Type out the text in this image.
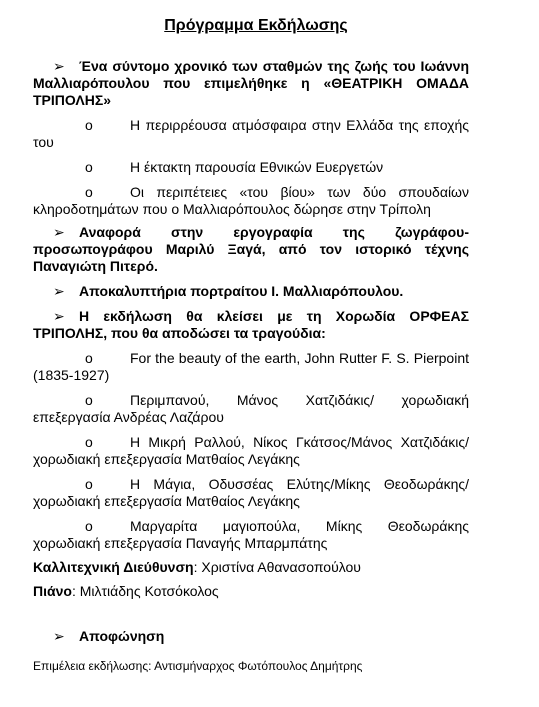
Πρόγραμμα Εκδήλωσης

➢ Ένα σύντομο χρονικό των σταθμών της ζωής του Ιωάννη Μαλλιαρόπουλου που επιμελήθηκε η «ΘΕΑΤΡΙΚΗ ΟΜΑΔΑ ΤΡΙΠΟΛΗΣ»

o	Η περιρρέουσα ατμόσφαιρα στην Ελλάδα της εποχής του

o	Η έκτακτη παρουσία Εθνικών Ευεργετών

o	Οι περιπέτειες «του βίου» των δύο σπουδαίων κληροδοτημάτων που ο Μαλλιαρόπουλος δώρησε στην Τρίπολη

➢ Αναφορά στην εργογραφία της ζωγράφου-προσωπογράφου Μαριλύ Ξαγά, από τον ιστορικό τέχνης Παναγιώτη Πιτερό.

➢ Αποκαλυπτήρια πορτραίτου Ι. Μαλλιαρόπουλου.

➢ Η εκδήλωση θα κλείσει με τη Χορωδία ΟΡΦΕΑΣ ΤΡΙΠΟΛΗΣ, που θα αποδώσει τα τραγούδια:

o	For the beauty of the earth, John Rutter F. S. Pierpoint (1835-1927)

o	Περιμπανού, Μάνος Χατζιδάκις/ χορωδιακή επεξεργασία Ανδρέας Λαζάρου

o	Η Μικρή Ραλλού, Νίκος Γκάτσος/Μάνος Χατζιδάκις/ χορωδιακή επεξεργασία Ματθαίος Λεγάκης

o	Η Μάγια, Οδυσσέας Ελύτης/Μίκης Θεοδωράκης/ χορωδιακή επεξεργασία Ματθαίος Λεγάκης

o	Μαργαρίτα μαγιοπούλα, Μίκης Θεοδωράκης χορωδιακή επεξεργασία Παναγής Μπαρμπάτης

Καλλιτεχνική Διεύθυνση: Χριστίνα Αθανασοπούλου

Πιάνο: Μιλτιάδης Κοτσόκολος

➢ Αποφώνηση

Επιμέλεια εκδήλωσης: Αντισμήναρχος Φωτόπουλος Δημήτρης
